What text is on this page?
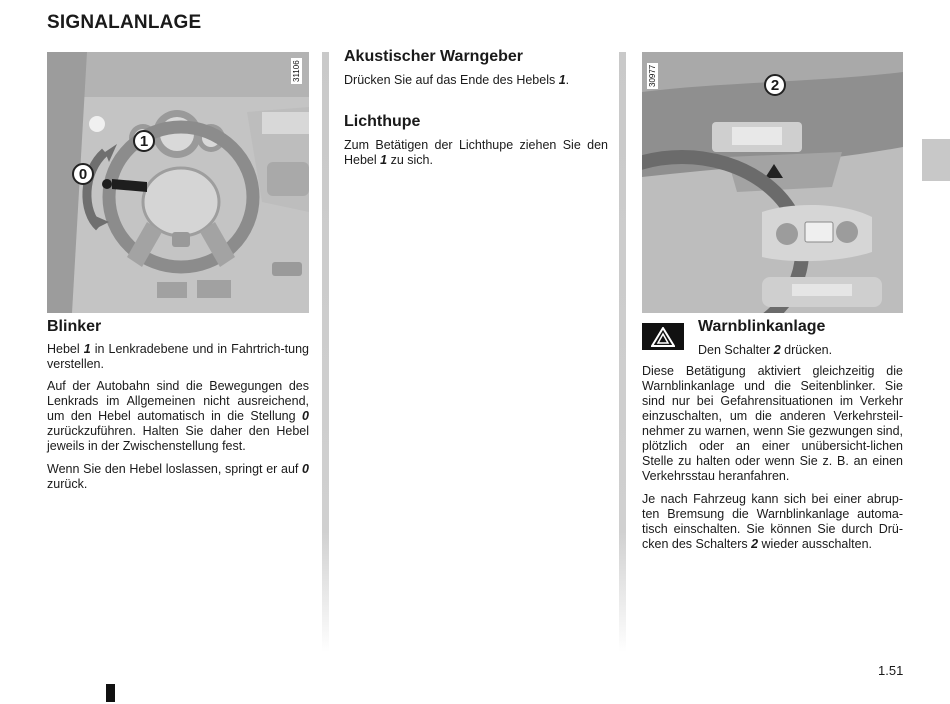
SIGNALANLAGE
1
0
31106
Blinker
Hebel 1 in Lenkradebene und in Fahrtrich-tung verstellen.
Auf der Autobahn sind die Bewegungen des Lenkrads im Allgemeinen nicht ausreichend, um den Hebel automatisch in die Stellung 0 zurückzuführen. Halten Sie daher den Hebel jeweils in der Zwischenstellung fest.
Wenn Sie den Hebel loslassen, springt er auf 0 zurück.
Akustischer Warngeber
Drücken Sie auf das Ende des Hebels 1.
Lichthupe
Zum Betätigen der Lichthupe ziehen Sie den Hebel 1 zu sich.
2
30977
Warnblinkanlage
Den Schalter 2 drücken.
Diese Betätigung aktiviert gleichzeitig die Warnblinkanlage und die Seitenblinker. Sie sind nur bei Gefahrensituationen im Verkehr einzuschalten, um die anderen Verkehrsteil-nehmer zu warnen, wenn Sie gezwungen sind, plötzlich oder an einer unübersicht-lichen Stelle zu halten oder wenn Sie z. B. an einen Verkehrsstau heranfahren.
Je nach Fahrzeug kann sich bei einer abrup-ten Bremsung die Warnblinkanlage automa-tisch einschalten. Sie können Sie durch Drü-cken des Schalters 2 wieder ausschalten.
1.51
